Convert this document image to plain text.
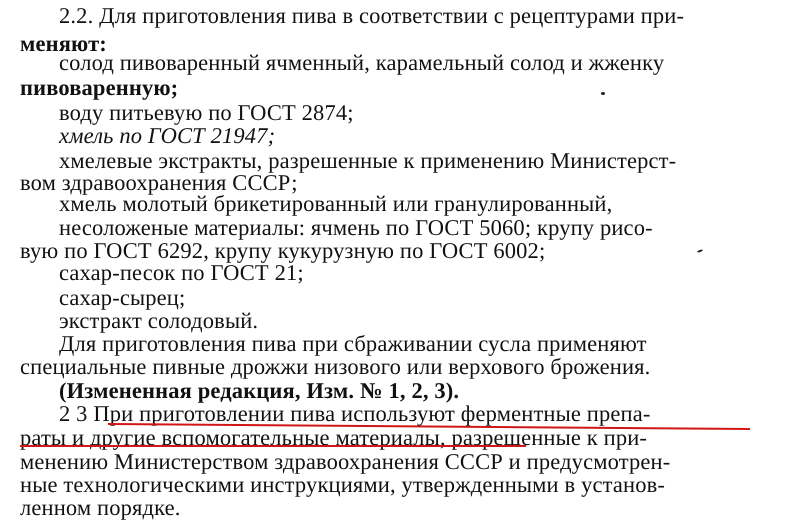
2.2. Для приготовления пива в соответствии с рецептурами при-
меняют:
солод пивоваренный ячменный, карамельный солод и жженку
пивоваренную;
воду питьевую по ГОСТ 2874;
хмель по ГОСТ 21947;
хмелевые экстракты, разрешенные к применению Министерст-
вом здравоохранения СССР;
хмель молотый брикетированный или гранулированный,
несоложеные материалы: ячмень по ГОСТ 5060; крупу рисо-
вую по ГОСТ 6292, крупу кукурузную по ГОСТ 6002;
сахар-песок по ГОСТ 21;
сахар-сырец;
экстракт солодовый.
Для приготовления пива при сбраживании сусла применяют
специальные пивные дрожжи низового или верхового брожения.
(Измененная редакция, Изм. № 1, 2, 3).
2 3 При приготовлении пива используют ферментные препа-
раты и другие вспомогательные материалы, разрешенные к при-
менению Министерством здравоохранения СССР и предусмотрен-
ные технологическими инструкциями, утвержденными в установ-
ленном порядке.
